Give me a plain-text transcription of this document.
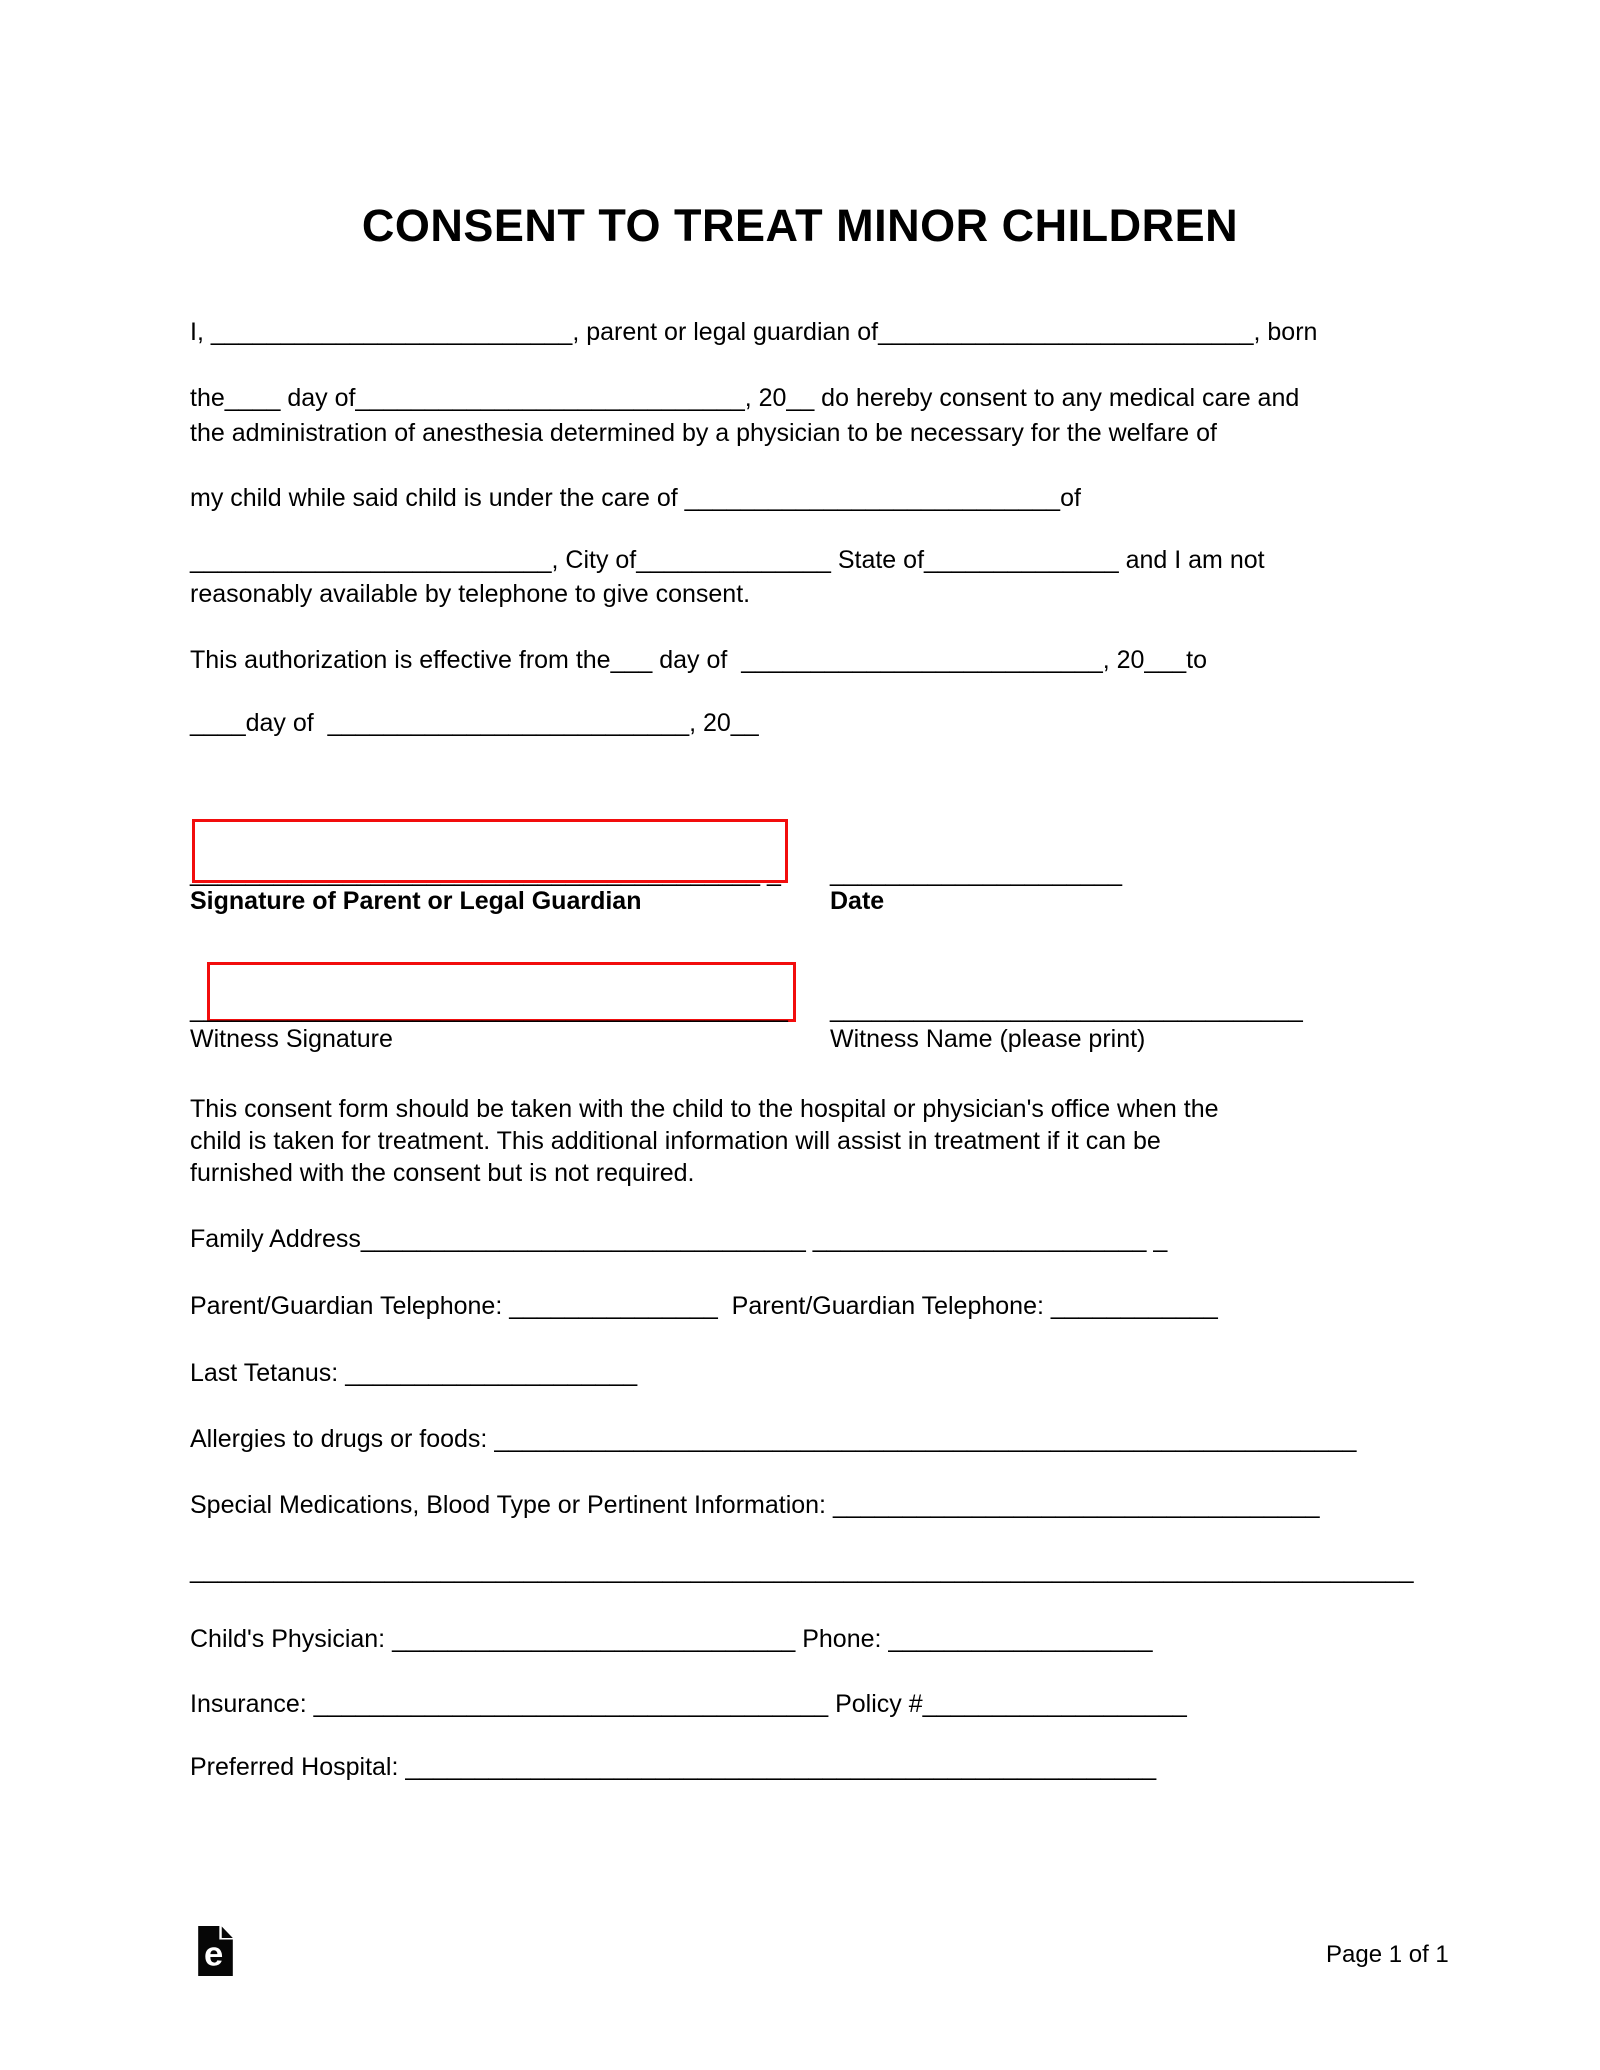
CONSENT TO TREAT MINOR CHILDREN

I, __________________________, parent or legal guardian of___________________________, born

the____ day of____________________________, 20__ do hereby consent to any medical care and

the administration of anesthesia determined by a physician to be necessary for the welfare of

my child while said child is under the care of ___________________________of

__________________________, City of______________ State of______________ and I am not

reasonably available by telephone to give consent.

This authorization is effective from the___ day of  __________________________, 20___to

____day of  __________________________, 20__

_________________________________________ _ _____________________

Signature of Parent or Legal Guardian	Date

___________________________________________ __________________________________

Witness Signature	Witness Name (please print)

This consent form should be taken with the child to the hospital or physician's office when the

child is taken for treatment. This additional information will assist in treatment if it can be

furnished with the consent but is not required.

Family Address________________________________ ________________________ _

Parent/Guardian Telephone: _______________  Parent/Guardian Telephone: ____________

Last Tetanus: _____________________

Allergies to drugs or foods: ______________________________________________________________

Special Medications, Blood Type or Pertinent Information: ___________________________________

________________________________________________________________________________________

Child's Physician: _____________________________ Phone: ___________________

Insurance: _____________________________________ Policy #___________________

Preferred Hospital: ______________________________________________________

e	Page 1 of 1
